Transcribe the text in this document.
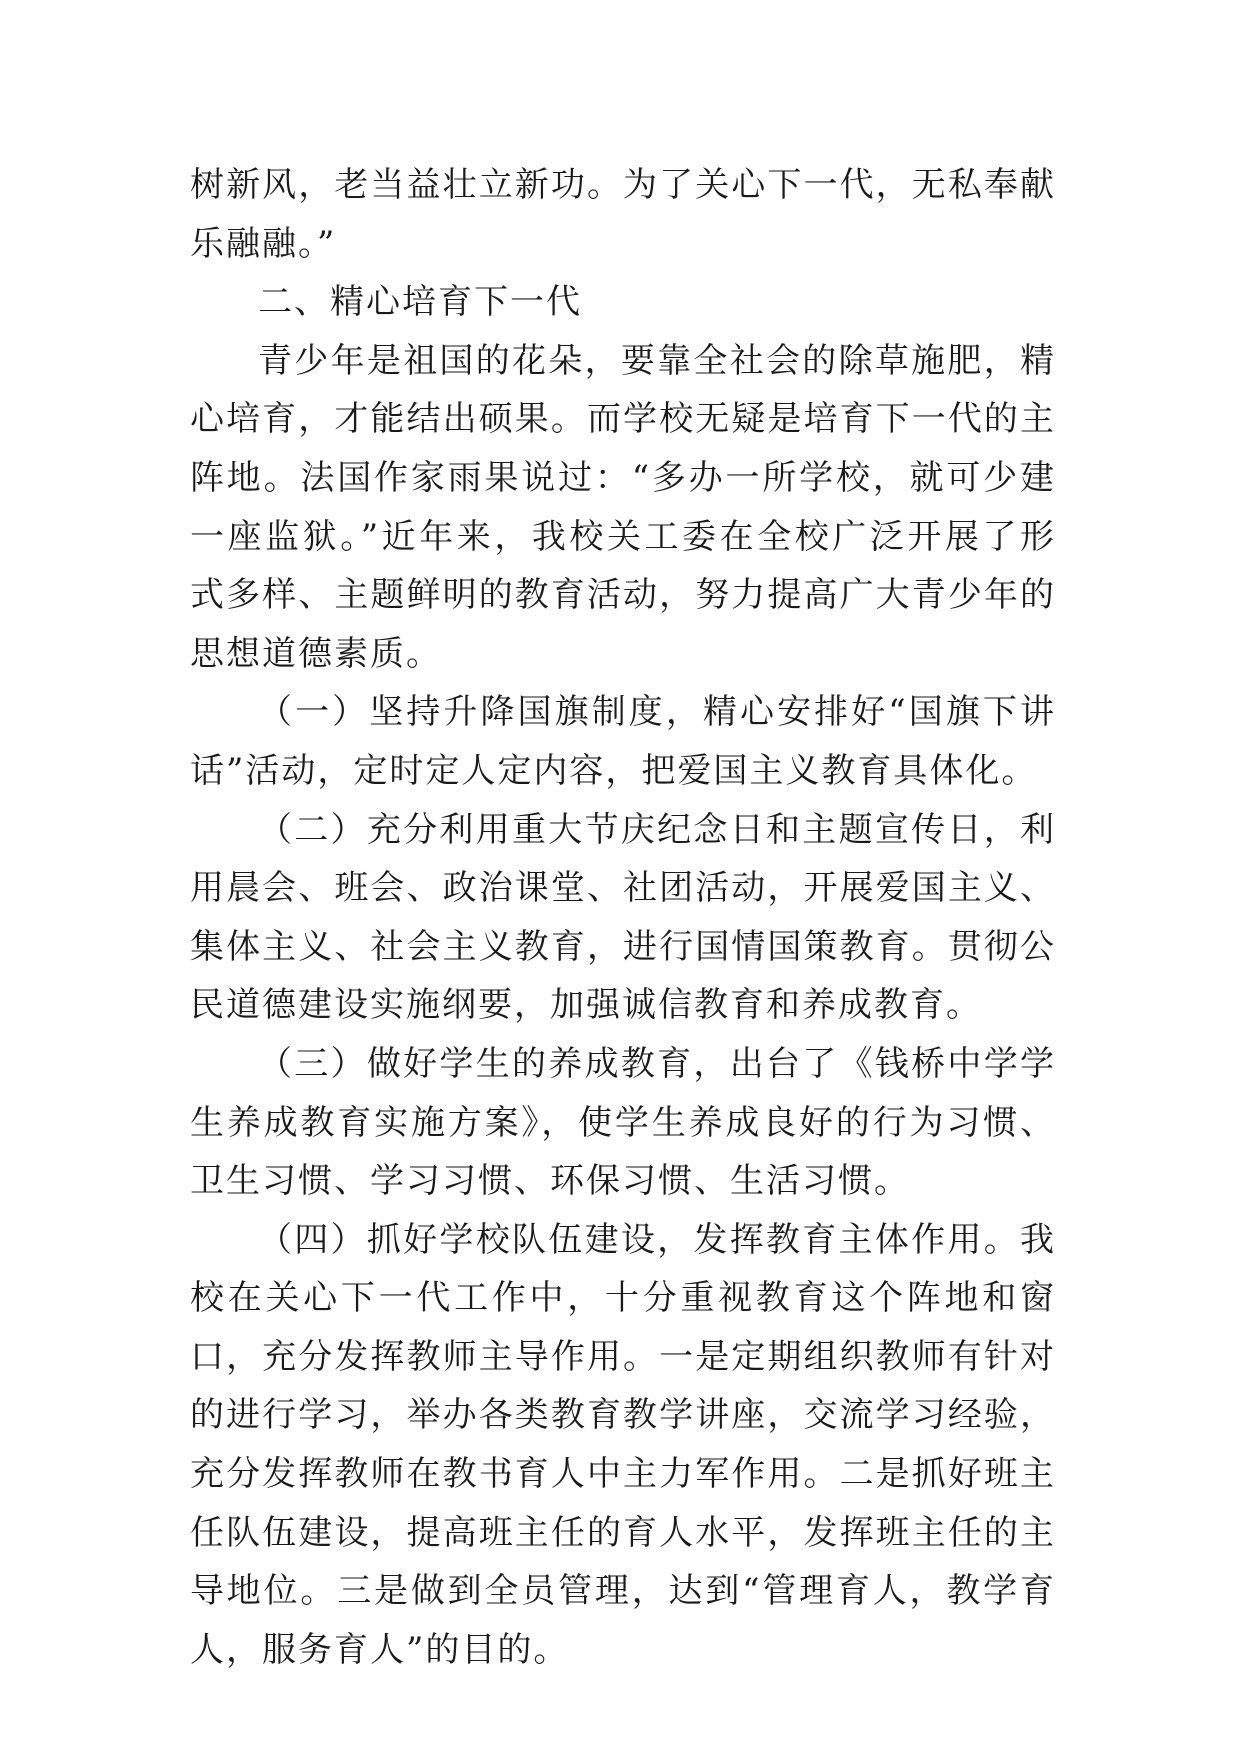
树新风，老当益壮立新功。为了关心下一代，无私奉献乐融融。”

二、精心培育下一代

青少年是祖国的花朵，要靠全社会的除草施肥，精心培育，才能结出硕果。而学校无疑是培育下一代的主阵地。法国作家雨果说过：“多办一所学校，就可少建一座监狱。”近年来，我校关工委在全校广泛开展了形式多样、主题鲜明的教育活动，努力提高广大青少年的思想道德素质。

（一）坚持升降国旗制度，精心安排好“国旗下讲话”活动，定时定人定内容，把爱国主义教育具体化。

（二）充分利用重大节庆纪念日和主题宣传日，利用晨会、班会、政治课堂、社团活动，开展爱国主义、集体主义、社会主义教育，进行国情国策教育。贯彻公民道德建设实施纲要，加强诚信教育和养成教育。

（三）做好学生的养成教育，出台了《钱桥中学学生养成教育实施方案》，使学生养成良好的行为习惯、卫生习惯、学习习惯、环保习惯、生活习惯。

（四）抓好学校队伍建设，发挥教育主体作用。我校在关心下一代工作中，十分重视教育这个阵地和窗口，充分发挥教师主导作用。一是定期组织教师有针对的进行学习，举办各类教育教学讲座，交流学习经验，充分发挥教师在教书育人中主力军作用。二是抓好班主任队伍建设，提高班主任的育人水平，发挥班主任的主导地位。三是做到全员管理，达到“管理育人，教学育人，服务育人”的目的。
